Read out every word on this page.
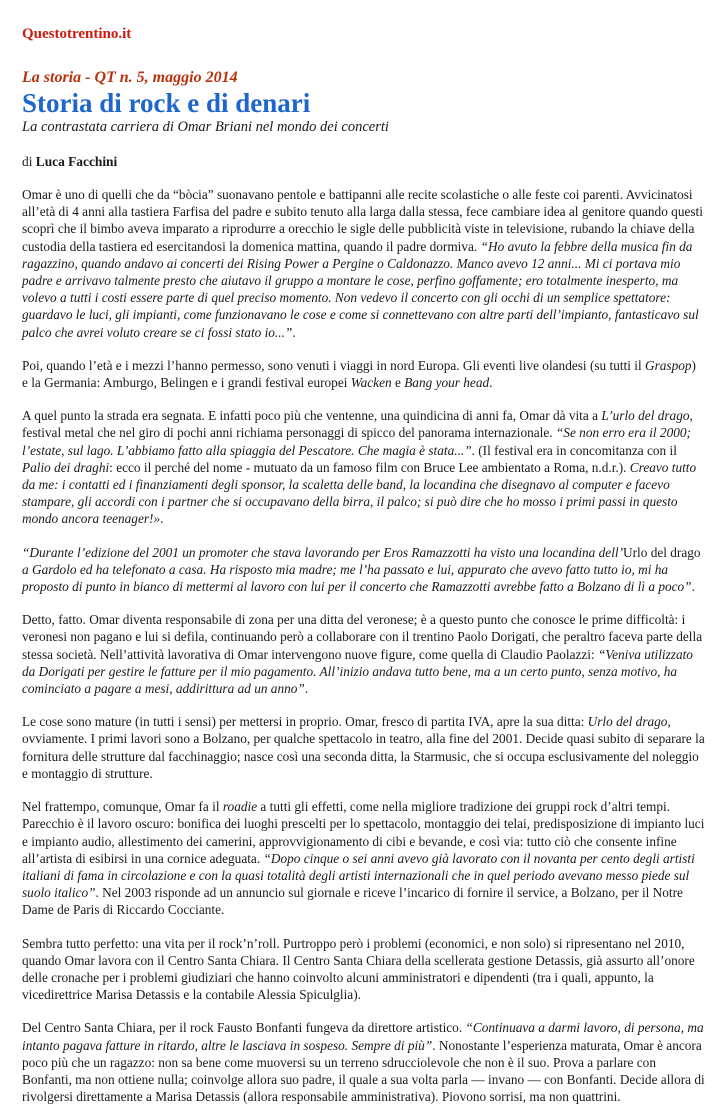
Questotrentino.it
La storia - QT n. 5, maggio 2014
Storia di rock e di denari
La contrastata carriera di Omar Briani nel mondo dei concerti
di Luca Facchini

Omar è uno di quelli che da “bòcia” suonavano pentole e battipanni alle recite scolastiche o alle feste coi parenti. Avvicinatosi all’età di 4 anni alla tastiera Farfisa del padre e subito tenuto alla larga dalla stessa, fece cambiare idea al genitore quando questi scoprì che il bimbo aveva imparato a riprodurre a orecchio le sigle delle pubblicità viste in televisione, rubando la chiave della custodia della tastiera ed esercitandosi la domenica mattina, quando il padre dormiva. “Ho avuto la febbre della musica fin da ragazzino, quando andavo ai concerti dei Rising Power a Pergine o Caldonazzo. Manco avevo 12 anni... Mi ci portava mio padre e arrivavo talmente presto che aiutavo il gruppo a montare le cose, perfino goffamente; ero totalmente inesperto, ma volevo a tutti i costi essere parte di quel preciso momento. Non vedevo il concerto con gli occhi di un semplice spettatore: guardavo le luci, gli impianti, come funzionavano le cose e come si connettevano con altre parti dell’impianto, fantasticavo sul palco che avrei voluto creare se ci fossi stato io...”.

Poi, quando l’età e i mezzi l’hanno permesso, sono venuti i viaggi in nord Europa. Gli eventi live olandesi (su tutti il Graspop) e la Germania: Amburgo, Belingen e i grandi festival europei Wacken e Bang your head.

A quel punto la strada era segnata. E infatti poco più che ventenne, una quindicina di anni fa, Omar dà vita a L’urlo del drago, festival metal che nel giro di pochi anni richiama personaggi di spicco del panorama internazionale. “Se non erro era il 2000; l’estate, sul lago. L’abbiamo fatto alla spiaggia del Pescatore. Che magia è stata...”. (Il festival era in concomitanza con il Palio dei draghi: ecco il perché del nome - mutuato da un famoso film con Bruce Lee ambientato a Roma, n.d.r.). Creavo tutto da me: i contatti ed i finanziamenti degli sponsor, la scaletta delle band, la locandina che disegnavo al computer e facevo stampare, gli accordi con i partner che si occupavano della birra, il palco; si può dire che ho mosso i primi passi in questo mondo ancora teenager!».

“Durante l’edizione del 2001 un promoter che stava lavorando per Eros Ramazzotti ha visto una locandina dell’Urlo del drago a Gardolo ed ha telefonato a casa. Ha risposto mia madre; me l’ha passato e lui, appurato che avevo fatto tutto io, mi ha proposto di punto in bianco di mettermi al lavoro con lui per il concerto che Ramazzotti avrebbe fatto a Bolzano di lì a poco”.

Detto, fatto. Omar diventa responsabile di zona per una ditta del veronese; è a questo punto che conosce le prime difficoltà: i veronesi non pagano e lui si defila, continuando però a collaborare con il trentino Paolo Dorigati, che peraltro faceva parte della stessa società. Nell’attività lavorativa di Omar intervengono nuove figure, come quella di Claudio Paolazzi: “Veniva utilizzato da Dorigati per gestire le fatture per il mio pagamento. All’inizio andava tutto bene, ma a un certo punto, senza motivo, ha cominciato a pagare a mesi, addirittura ad un anno”.

Le cose sono mature (in tutti i sensi) per mettersi in proprio. Omar, fresco di partita IVA, apre la sua ditta: Urlo del drago, ovviamente. I primi lavori sono a Bolzano, per qualche spettacolo in teatro, alla fine del 2001. Decide quasi subito di separare la fornitura delle strutture dal facchinaggio; nasce così una seconda ditta, la Starmusic, che si occupa esclusivamente del noleggio e montaggio di strutture.

Nel frattempo, comunque, Omar fa il roadie a tutti gli effetti, come nella migliore tradizione dei gruppi rock d’altri tempi. Parecchio è il lavoro oscuro: bonifica dei luoghi prescelti per lo spettacolo, montaggio dei telai, predisposizione di impianto luci e impianto audio, allestimento dei camerini, approvvigionamento di cibi e bevande, e così via: tutto ciò che consente infine all’artista di esibirsi in una cornice adeguata. “Dopo cinque o sei anni avevo già lavorato con il novanta per cento degli artisti italiani di fama in circolazione e con la quasi totalità degli artisti internazionali che in quel periodo avevano messo piede sul suolo italico”. Nel 2003 risponde ad un annuncio sul giornale e riceve l’incarico di fornire il service, a Bolzano, per il Notre Dame de Paris di Riccardo Cocciante.

Sembra tutto perfetto: una vita per il rock’n’roll. Purtroppo però i problemi (economici, e non solo) si ripresentano nel 2010, quando Omar lavora con il Centro Santa Chiara. Il Centro Santa Chiara della scellerata gestione Detassis, già assurto all’onore delle cronache per i problemi giudiziari che hanno coinvolto alcuni amministratori e dipendenti (tra i quali, appunto, la vicedirettrice Marisa Detassis e la contabile Alessia Spiculglia).

Del Centro Santa Chiara, per il rock Fausto Bonfanti fungeva da direttore artistico. “Continuava a darmi lavoro, di persona, ma intanto pagava fatture in ritardo, altre le lasciava in sospeso. Sempre di più”. Nonostante l’esperienza maturata, Omar è ancora poco più che un ragazzo: non sa bene come muoversi su un terreno sdrucciolevole che non è il suo. Prova a parlare con Bonfanti, ma non ottiene nulla; coinvolge allora suo padre, il quale a sua volta parla — invano — con Bonfanti. Decide allora di rivolgersi direttamente a Marisa Detassis (allora responsabile amministrativa). Piovono sorrisi, ma non quattrini.
